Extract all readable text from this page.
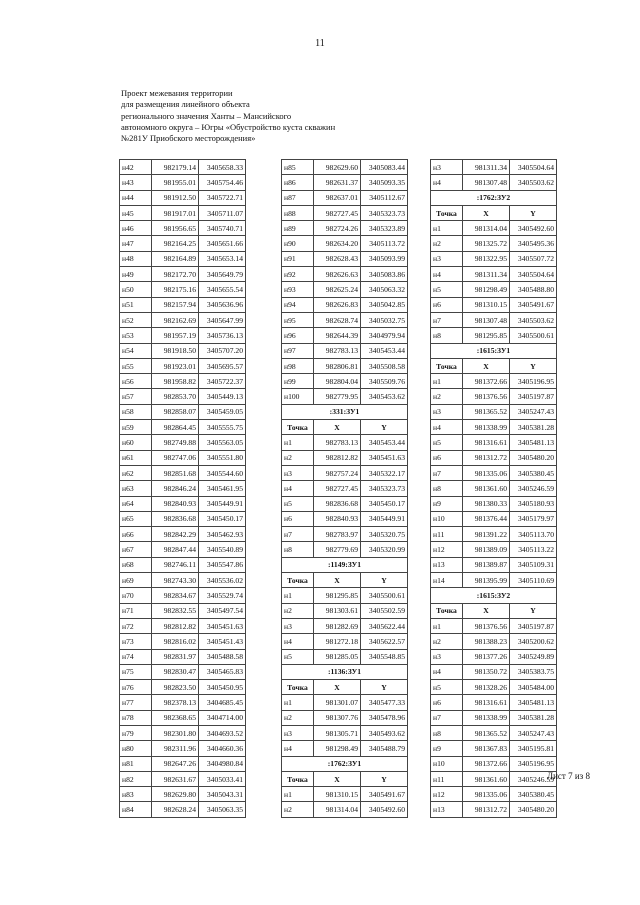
11
Проект межевания территории
для размещения линейного объекта
регионального значения Ханты – Мансийского
автономного округа – Югры «Обустройство куста скважин
№281У Приобского месторождения»
н42	982179.14	3405658.33
н43	981955.01	3405754.46
н44	981912.50	3405722.71
н45	981917.01	3405711.07
н46	981956.65	3405740.71
н47	982164.25	3405651.66
н48	982164.89	3405653.14
н49	982172.70	3405649.79
н50	982175.16	3405655.54
н51	982157.94	3405636.96
н52	982162.69	3405647.99
н53	981957.19	3405736.13
н54	981918.50	3405707.20
н55	981923.01	3405695.57
н56	981958.82	3405722.37
н57	982853.70	3405449.13
н58	982858.07	3405459.05
н59	982864.45	3405555.75
н60	982749.88	3405563.05
н61	982747.06	3405551.80
н62	982851.68	3405544.60
н63	982846.24	3405461.95
н64	982840.93	3405449.91
н65	982836.68	3405450.17
н66	982842.29	3405462.93
н67	982847.44	3405540.89
н68	982746.11	3405547.86
н69	982743.30	3405536.02
н70	982834.67	3405529.74
н71	982832.55	3405497.54
н72	982812.82	3405451.63
н73	982816.02	3405451.43
н74	982831.97	3405488.58
н75	982830.47	3405465.83
н76	982823.50	3405450.95
н77	982378.13	3404685.45
н78	982368.65	3404714.00
н79	982301.80	3404693.52
н80	982311.96	3404660.36
н81	982647.26	3404980.84
н82	982631.67	3405033.41
н83	982629.80	3405043.31
н84	982628.24	3405063.35
н85	982629.60	3405083.44
н86	982631.37	3405093.35
н87	982637.01	3405112.67
н88	982727.45	3405323.73
н89	982724.26	3405323.89
н90	982634.20	3405113.72
н91	982628.43	3405093.99
н92	982626.63	3405083.86
н93	982625.24	3405063.32
н94	982626.83	3405042.85
н95	982628.74	3405032.75
н96	982644.39	3404979.94
н97	982783.13	3405453.44
н98	982806.81	3405508.58
н99	982804.04	3405509.76
н100	982779.95	3405453.62
:331:ЗУ1		
Точка	X	Y
н1	982783.13	3405453.44
н2	982812.82	3405451.63
н3	982757.24	3405322.17
н4	982727.45	3405323.73
н5	982836.68	3405450.17
н6	982840.93	3405449.91
н7	982783.97	3405320.75
н8	982779.69	3405320.99
:1149:ЗУ1		
Точка	X	Y
н1	981295.85	3405500.61
н2	981303.61	3405502.59
н3	981282.69	3405622.44
н4	981272.18	3405622.57
н5	981285.05	3405548.85
:1136:ЗУ1		
Точка	X	Y
н1	981301.07	3405477.33
н2	981307.76	3405478.96
н3	981305.71	3405493.62
н4	981298.49	3405488.79
:1762:ЗУ1		
Точка	X	Y
н1	981310.15	3405491.67
н2	981314.04	3405492.60
н3	981311.34	3405504.64
н4	981307.48	3405503.62
:1762:ЗУ2		
Точка	X	Y
н1	981314.04	3405492.60
н2	981325.72	3405495.36
н3	981322.95	3405507.72
н4	981311.34	3405504.64
н5	981298.49	3405488.80
н6	981310.15	3405491.67
н7	981307.48	3405503.62
н8	981295.85	3405500.61
:1615:ЗУ1		
Точка	X	Y
н1	981372.66	3405196.95
н2	981376.56	3405197.87
н3	981365.52	3405247.43
н4	981338.99	3405381.28
н5	981316.61	3405481.13
н6	981312.72	3405480.20
н7	981335.06	3405380.45
н8	981361.60	3405246.59
н9	981380.33	3405180.93
н10	981376.44	3405179.97
н11	981391.22	3405113.70
н12	981389.09	3405113.22
н13	981389.87	3405109.31
н14	981395.99	3405110.69
:1615:ЗУ2		
Точка	X	Y
н1	981376.56	3405197.87
н2	981388.23	3405200.62
н3	981377.26	3405249.89
н4	981350.72	3405383.75
н5	981328.26	3405484.00
н6	981316.61	3405481.13
н7	981338.99	3405381.28
н8	981365.52	3405247.43
н9	981367.83	3405195.81
н10	981372.66	3405196.95
н11	981361.60	3405246.59
н12	981335.06	3405380.45
н13	981312.72	3405480.20
Лист 7 из 8
